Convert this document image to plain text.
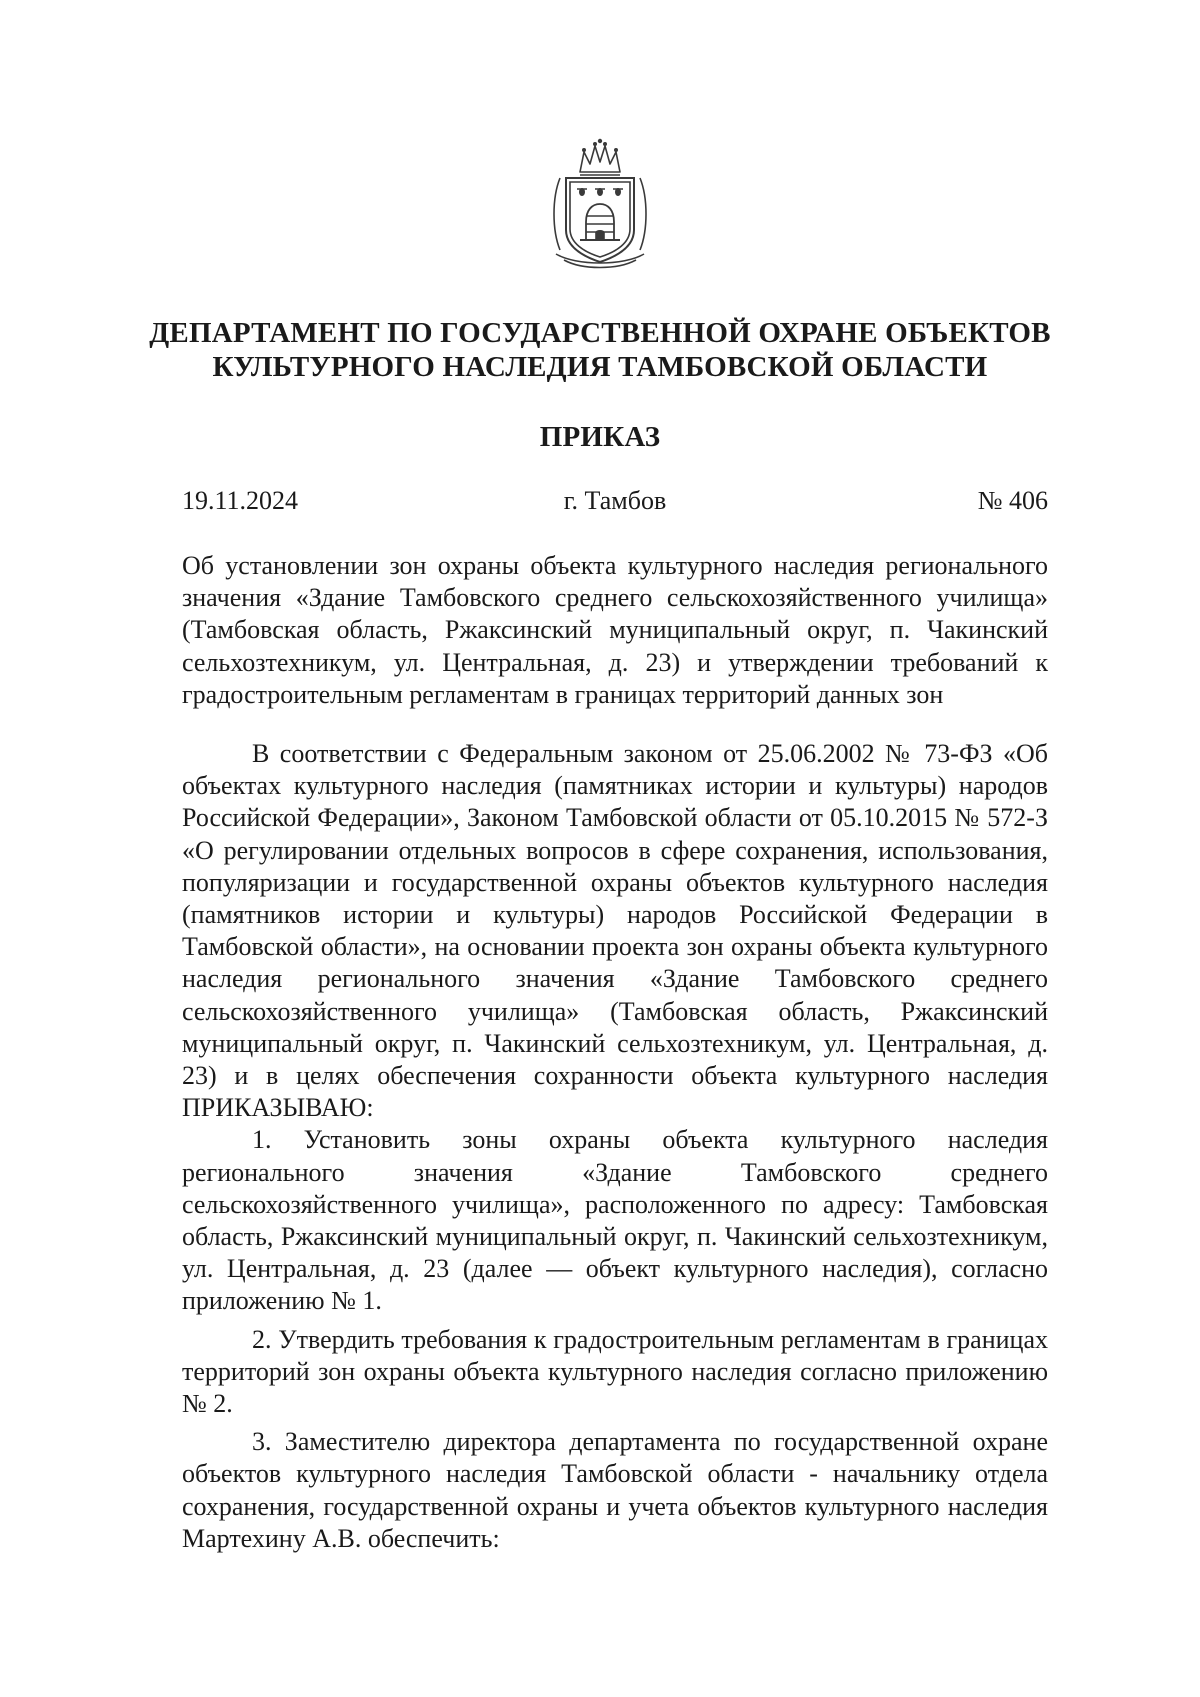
ДЕПАРТАМЕНТ ПО ГОСУДАРСТВЕННОЙ ОХРАНЕ ОБЪЕКТОВ КУЛЬТУРНОГО НАСЛЕДИЯ ТАМБОВСКОЙ ОБЛАСТИ
ПРИКАЗ
19.11.2024	г. Тамбов	№ 406

Об установлении зон охраны объекта культурного наследия регионального значения «Здание Тамбовского среднего сельскохозяйственного училища» (Тамбовская область, Ржаксинский муниципальный округ, п. Чакинский сельхозтехникум, ул. Центральная, д. 23) и утверждении требований к градостроительным регламентам в границах территорий данных зон

В соответствии с Федеральным законом от 25.06.2002 № 73-ФЗ «Об объектах культурного наследия (памятниках истории и культуры) народов Российской Федерации», Законом Тамбовской области от 05.10.2015 № 572-З «О регулировании отдельных вопросов в сфере сохранения, использования, популяризации и государственной охраны объектов культурного наследия (памятников истории и культуры) народов Российской Федерации в Тамбовской области», на основании проекта зон охраны объекта культурного наследия регионального значения «Здание Тамбовского среднего сельскохозяйственного училища» (Тамбовская область, Ржаксинский муниципальный округ, п. Чакинский сельхозтехникум, ул. Центральная, д. 23) и в целях обеспечения сохранности объекта культурного наследия ПРИКАЗЫВАЮ:

1. Установить зоны охраны объекта культурного наследия регионального значения «Здание Тамбовского среднего сельскохозяйственного училища», расположенного по адресу: Тамбовская область, Ржаксинский муниципальный округ, п. Чакинский сельхозтехникум, ул. Центральная, д. 23 (далее — объект культурного наследия), согласно приложению № 1.

2. Утвердить требования к градостроительным регламентам в границах территорий зон охраны объекта культурного наследия согласно приложению № 2.

3. Заместителю директора департамента по государственной охране объектов культурного наследия Тамбовской области - начальнику отдела сохранения, государственной охраны и учета объектов культурного наследия Мартехину А.В. обеспечить:
